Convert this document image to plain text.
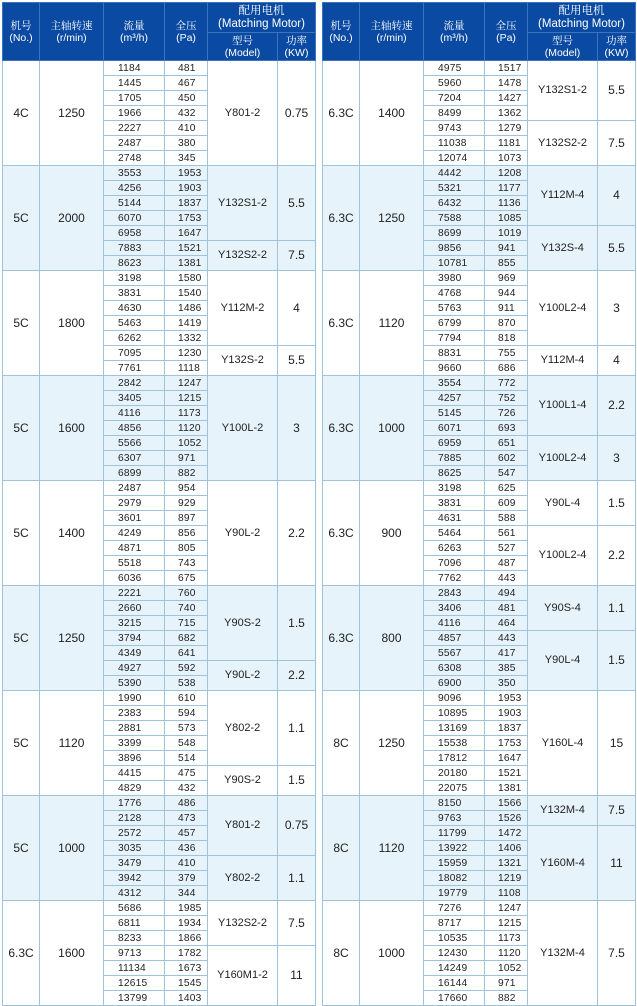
机号
(No.)	主轴转速
(r/min)	流量
(m³/h)	全压
(Pa)	配用电机
(Matching Motor)	
				型号
(Model)	功率
(KW)
4C	1250	1184	481	Y801-2	0.75
		1445	467		
		1705	450		
		1966	432		
		2227	410		
		2487	380		
		2748	345		
5C	2000	3553	1953	Y132S1-2	5.5
		4256	1903		
		5144	1837		
		6070	1753		
		6958	1647		
		7883	1521	Y132S2-2	7.5
		8623	1381		
5C	1800	3198	1580	Y112M-2	4
		3831	1540		
		4630	1486		
		5463	1419		
		6262	1332		
		7095	1230	Y132S-2	5.5
		7761	1118		
5C	1600	2842	1247	Y100L-2	3
		3405	1215		
		4116	1173		
		4856	1120		
		5566	1052		
		6307	971		
		6899	882		
5C	1400	2487	954	Y90L-2	2.2
		2979	929		
		3601	897		
		4249	856		
		4871	805		
		5518	743		
		6036	675		
5C	1250	2221	760	Y90S-2	1.5
		2660	740		
		3215	715		
		3794	682		
		4349	641		
		4927	592	Y90L-2	2.2
		5390	538		
5C	1120	1990	610	Y802-2	1.1
		2383	594		
		2881	573		
		3399	548		
		3896	514		
		4415	475	Y90S-2	1.5
		4829	432		
5C	1000	1776	486	Y801-2	0.75
		2128	473		
		2572	457		
		3035	436		
		3479	410	Y802-2	1.1
		3942	379		
		4312	344		
6.3C	1600	5686	1985	Y132S2-2	7.5
		6811	1934		
		8233	1866		
		9713	1782	Y160M1-2	11
		11134	1673		
		12615	1545		
		13799	1403		
机号
(No.)	主轴转速
(r/min)	流量
(m³/h)	全压
(Pa)	配用电机
(Matching Motor)	
				型号
(Model)	功率
(KW)
6.3C	1400	4975	1517	Y132S1-2	5.5
		5960	1478		
		7204	1427		
		8499	1362		
		9743	1279	Y132S2-2	7.5
		11038	1181		
		12074	1073		
6.3C	1250	4442	1208	Y112M-4	4
		5321	1177		
		6432	1136		
		7588	1085		
		8699	1019	Y132S-4	5.5
		9856	941		
		10781	855		
6.3C	1120	3980	969	Y100L2-4	3
		4768	944		
		5763	911		
		6799	870		
		7794	818		
		8831	755	Y112M-4	4
		9660	686		
6.3C	1000	3554	772	Y100L1-4	2.2
		4257	752		
		5145	726		
		6071	693		
		6959	651	Y100L2-4	3
		7885	602		
		8625	547		
6.3C	900	3198	625	Y90L-4	1.5
		3831	609		
		4631	588		
		5464	561	Y100L2-4	2.2
		6263	527		
		7096	487		
		7762	443		
6.3C	800	2843	494	Y90S-4	1.1
		3406	481		
		4116	464		
		4857	443	Y90L-4	1.5
		5567	417		
		6308	385		
		6900	350		
8C	1250	9096	1953	Y160L-4	15
		10895	1903		
		13169	1837		
		15538	1753		
		17812	1647		
		20180	1521		
		22075	1381		
8C	1120	8150	1566	Y132M-4	7.5
		9763	1526		
		11799	1472	Y160M-4	11
		13922	1406		
		15959	1321		
		18082	1219		
		19779	1108		
8C	1000	7276	1247	Y132M-4	7.5
		8717	1215		
		10535	1173		
		12430	1120		
		14249	1052		
		16144	971		
		17660	882		
